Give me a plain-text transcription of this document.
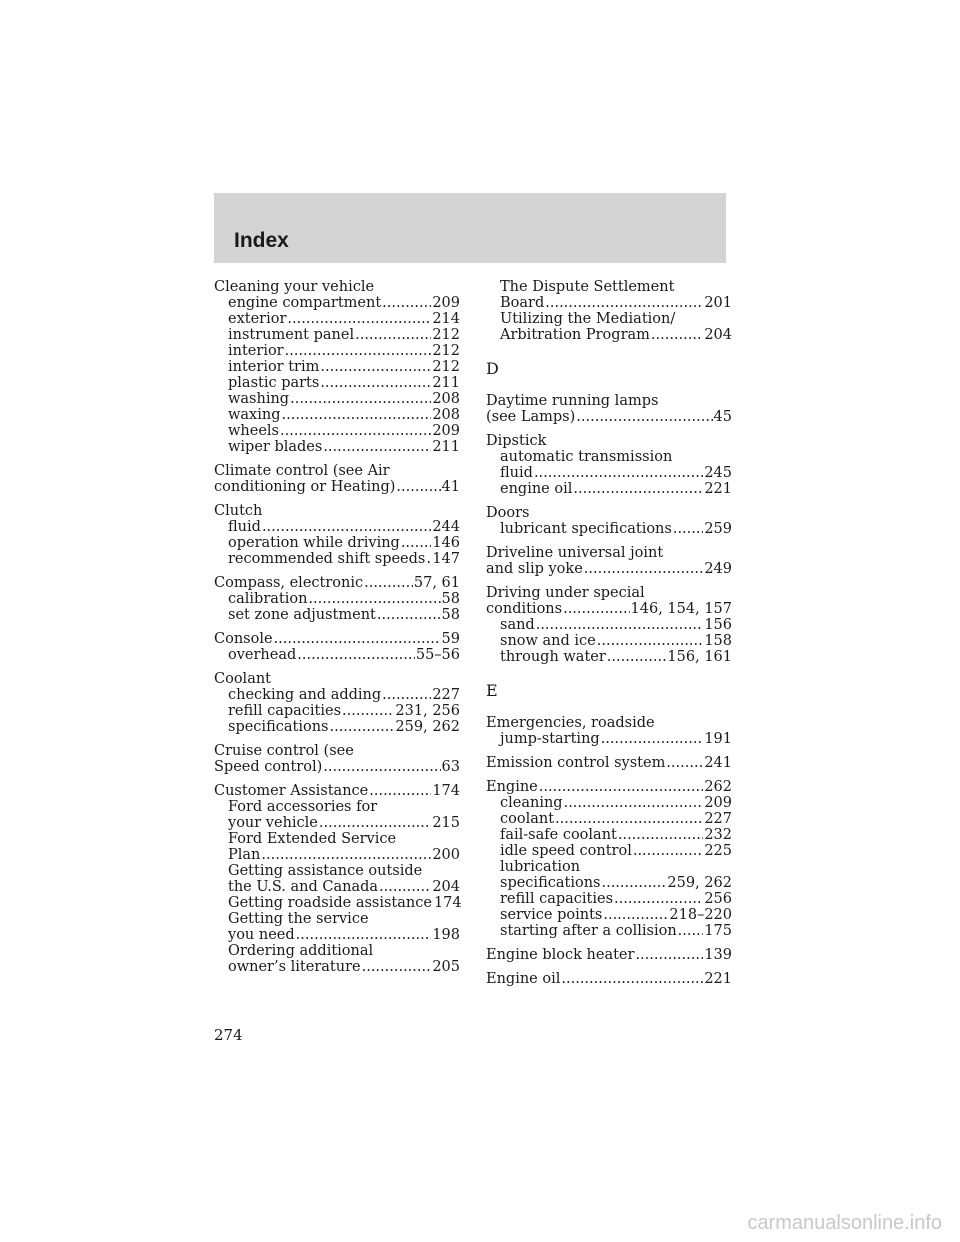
Index
Cleaning your vehicle
engine compartment .....	209
exterior .....	214
instrument panel .....	212
interior .....	212
interior trim .....	212
plastic parts .....	211
washing .....	208
waxing .....	208
wheels .....	209
wiper blades .....	211
Climate control (see Air
conditioning or Heating) .....	41
Clutch
fluid .....	244
operation while driving ..... 146
recommended shift speeds ..... 147
Compass, electronic .....	57, 61
calibration .....	58
set zone adjustment .....	58
Console .....	59
overhead .....	55–56
Coolant
checking and adding .....	227
refill capacities .....	231, 256
specifications .....	259, 262
Cruise control (see
Speed control) .....	63
Customer Assistance .....	174
Ford accessories for
your vehicle .....	215
Ford Extended Service
Plan .....	200
Getting assistance outside
the U.S. and Canada .....	204
Getting roadside assistance 174
Getting the service
you need .....	198
Ordering additional
owner’s literature .....	205
The Dispute Settlement
Board .....	201
Utilizing the Mediation/
Arbitration Program .....	204
D
Daytime running lamps
(see Lamps) .....	45
Dipstick
automatic transmission
fluid .....	245
engine oil .....	221
Doors
lubricant specifications ..... 259
Driveline universal joint
and slip yoke .....	249
Driving under special
conditions .....	146, 154, 157
sand .....	156
snow and ice .....	158
through water .....	156, 161
E
Emergencies, roadside
jump-starting .....	191
Emission control system .....	241
Engine .....	262
cleaning .....	209
coolant .....	227
fail-safe coolant .....	232
idle speed control .....	225
lubrication
specifications .....	259, 262
refill capacities .....	256
service points .....	218–220
starting after a collision ..... 175
Engine block heater .....	139
Engine oil .....	221
274
carmanualsonline.info
